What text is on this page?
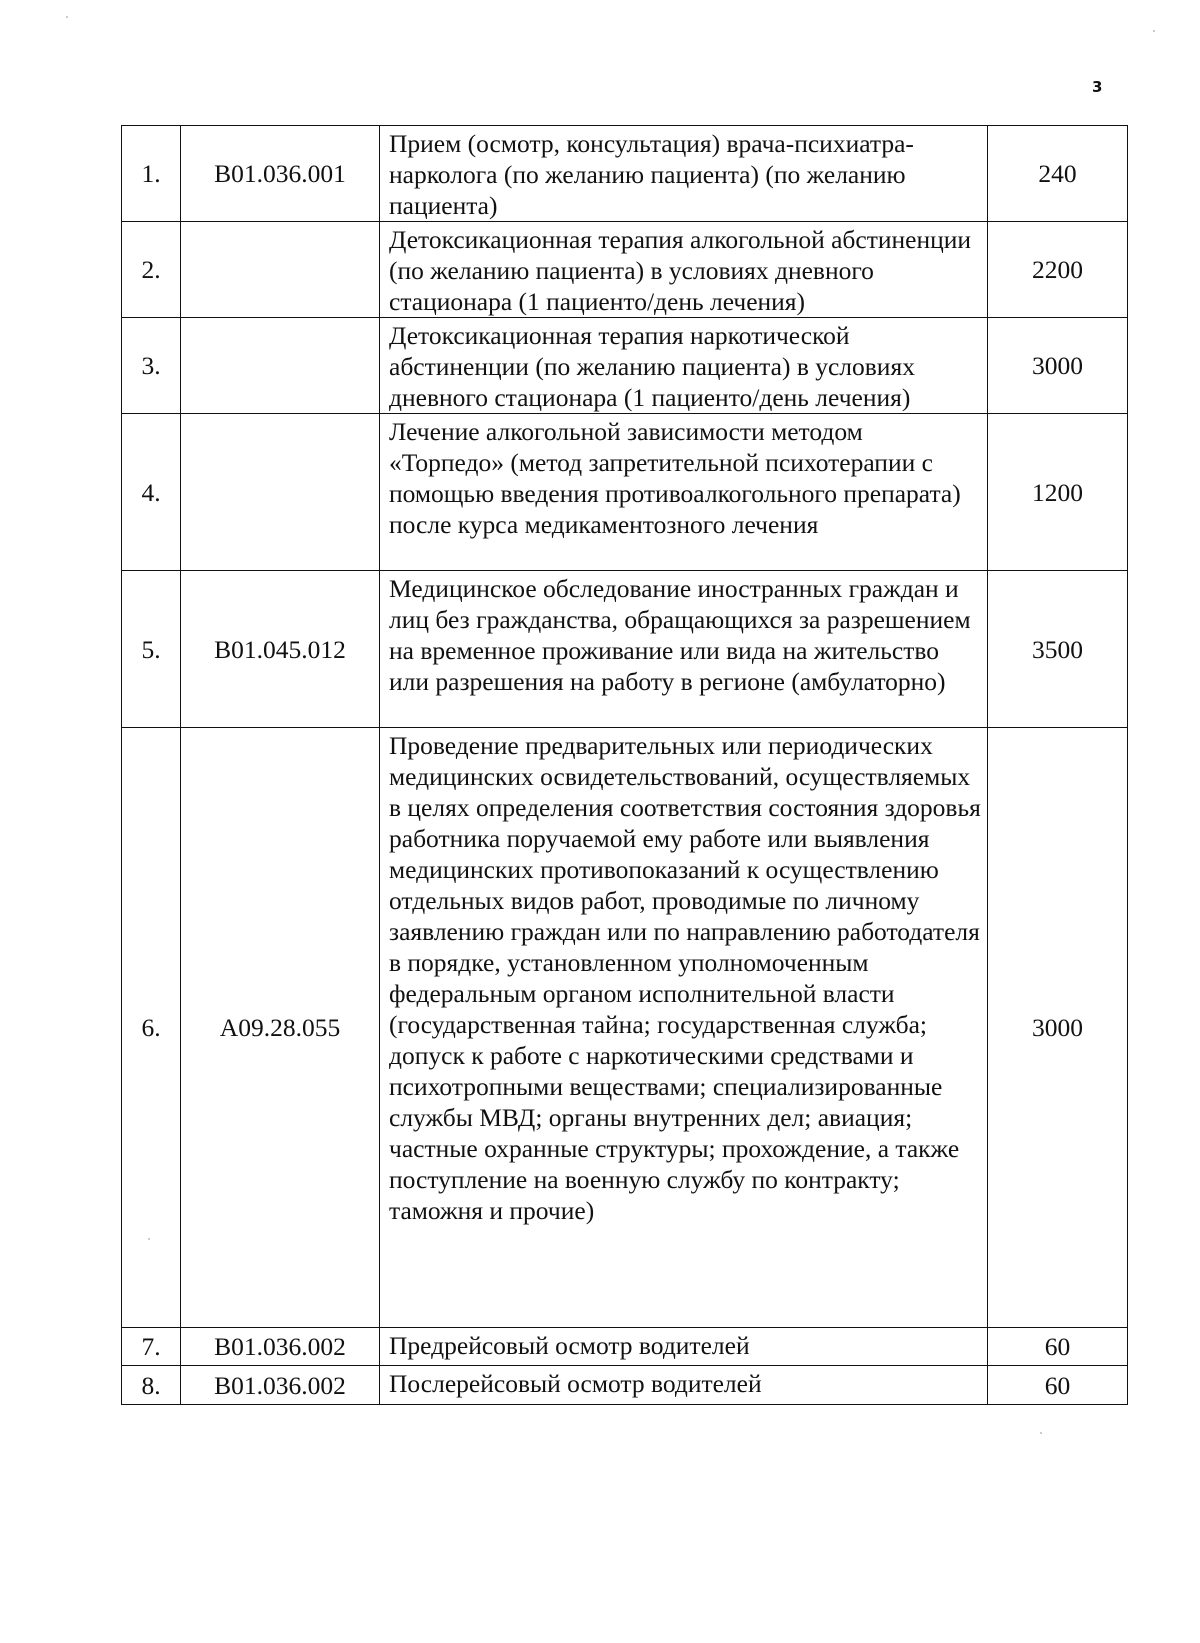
3
1.	B01.036.001	Прием (осмотр, консультация) врача-психиатра-нарколога (по желанию пациента) (по желанию пациента)	240
2.		Детоксикационная терапия алкогольной абстиненции (по желанию пациента) в условиях дневного стационара (1 пациенто/день лечения)	2200
3.		Детоксикационная терапия наркотической абстиненции (по желанию пациента) в условиях дневного стационара (1 пациенто/день лечения)	3000
4.		Лечение алкогольной зависимости методом «Торпедо» (метод запретительной психотерапии с помощью введения противоалкогольного препарата) после курса медикаментозного лечения	1200
5.	B01.045.012	Медицинское обследование иностранных граждан и лиц без гражданства, обращающихся за разрешением на временное проживание или вида на жительство или разрешения на работу в регионе (амбулаторно)	3500
6.	A09.28.055	Проведение предварительных или периодических медицинских освидетельствований, осуществляемых в целях определения соответствия состояния здоровья работника поручаемой ему работе или выявления медицинских противопоказаний к осуществлению отдельных видов работ, проводимые по личному заявлению граждан или по направлению работодателя в порядке, установленном уполномоченным федеральным органом исполнительной власти (государственная тайна; государственная служба; допуск к работе с наркотическими средствами и психотропными веществами; специализированные службы МВД; органы внутренних дел; авиация; частные охранные структуры; прохождение, а также поступление на военную службу по контракту; таможня и прочие)	3000
7.	B01.036.002	Предрейсовый осмотр водителей	60
8.	B01.036.002	Послерейсовый осмотр водителей	60
